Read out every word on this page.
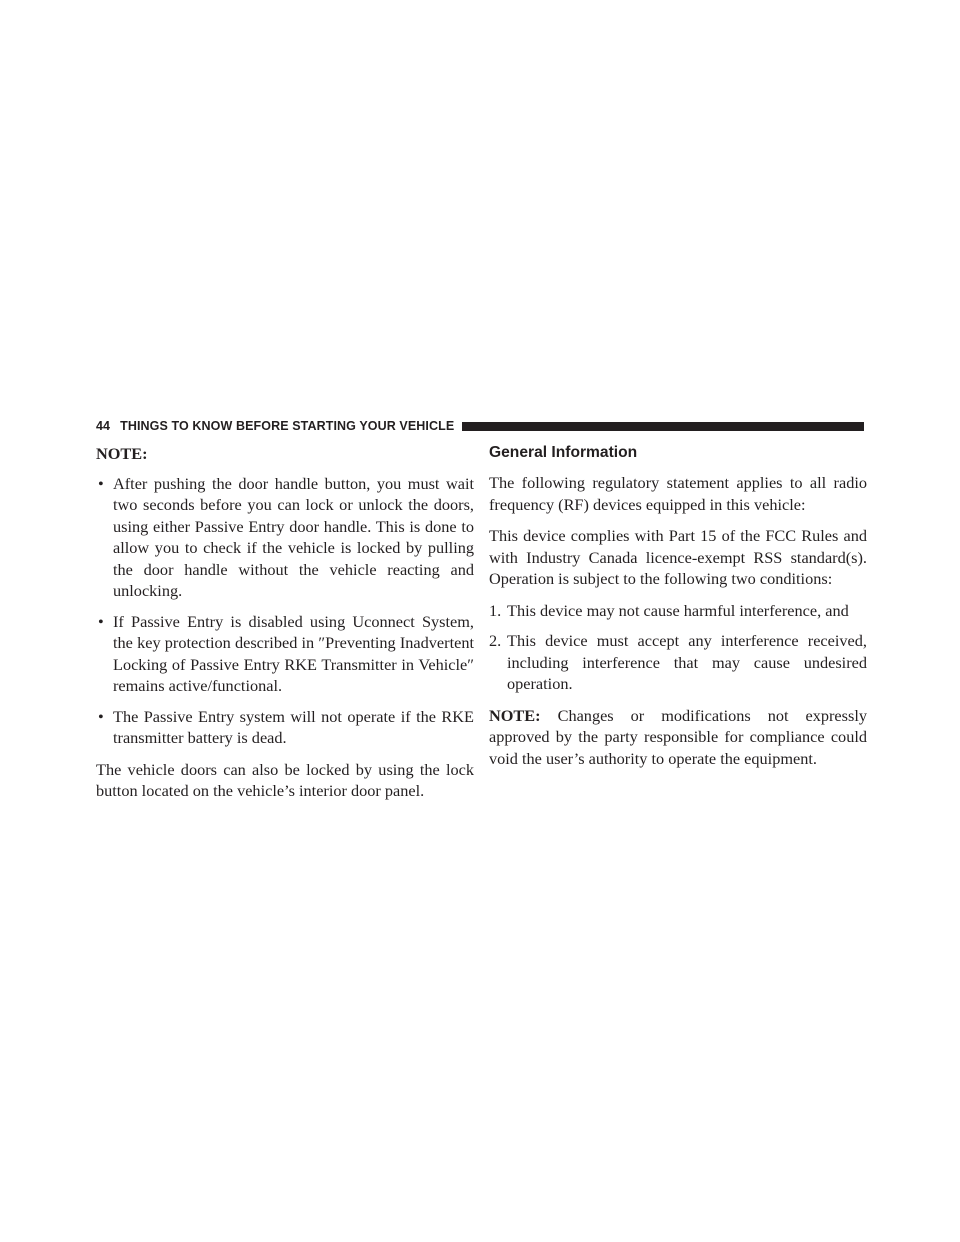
44 THINGS TO KNOW BEFORE STARTING YOUR VEHICLE
NOTE:
• After pushing the door handle button, you must wait two seconds before you can lock or unlock the doors, using either Passive Entry door handle. This is done to allow you to check if the vehicle is locked by pulling the door handle without the vehicle reacting and unlocking.
• If Passive Entry is disabled using Uconnect System, the key protection described in ″Preventing Inadvertent Locking of Passive Entry RKE Transmitter in Vehicle″ remains active/functional.
• The Passive Entry system will not operate if the RKE transmitter battery is dead.

The vehicle doors can also be locked by using the lock button located on the vehicle’s interior door panel.

General Information

The following regulatory statement applies to all radio frequency (RF) devices equipped in this vehicle:

This device complies with Part 15 of the FCC Rules and with Industry Canada licence-exempt RSS standard(s). Operation is subject to the following two conditions:

1. This device may not cause harmful interference, and
2. This device must accept any interference received, including interference that may cause undesired operation.

NOTE: Changes or modifications not expressly approved by the party responsible for compliance could void the user’s authority to operate the equipment.
